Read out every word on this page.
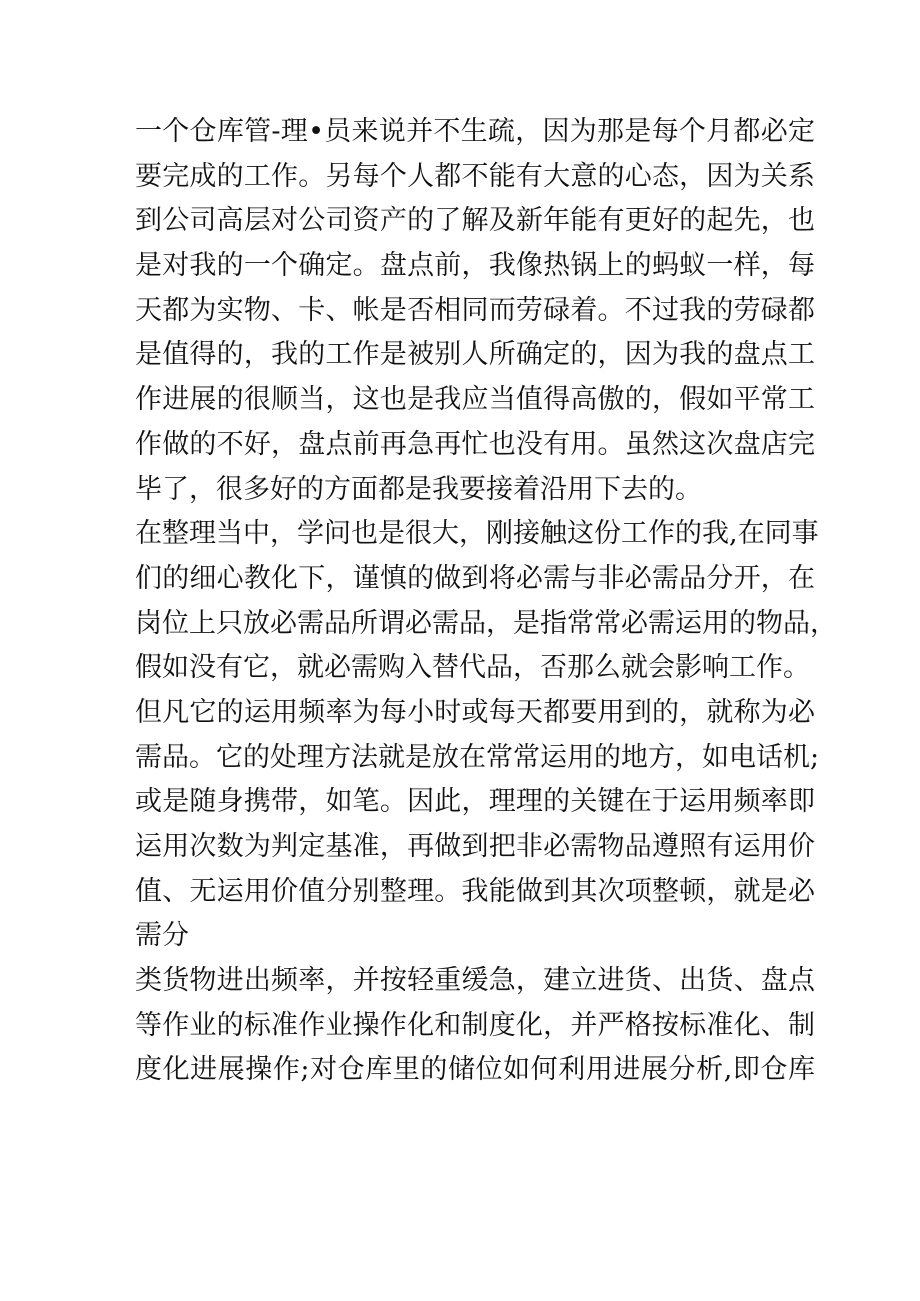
一个仓库管-理•员来说并不生疏，因为那是每个月都必定
要完成的工作。另每个人都不能有大意的心态，因为关系
到公司高层对公司资产的了解及新年能有更好的起先，也
是对我的一个确定。盘点前，我像热锅上的蚂蚁一样，每
天都为实物、卡、帐是否相同而劳碌着。不过我的劳碌都
是值得的，我的工作是被别人所确定的，因为我的盘点工
作进展的很顺当，这也是我应当值得高傲的，假如平常工
作做的不好，盘点前再急再忙也没有用。虽然这次盘店完
毕了，很多好的方面都是我要接着沿用下去的。
在整理当中，学问也是很大，刚接触这份工作的我,在同事
们的细心教化下，谨慎的做到将必需与非必需品分开，在
岗位上只放必需品所谓必需品，是指常常必需运用的物品，
假如没有它，就必需购入替代品，否那么就会影响工作。
但凡它的运用频率为每小时或每天都要用到的，就称为必
需品。它的处理方法就是放在常常运用的地方，如电话机;
或是随身携带，如笔。因此，理理的关键在于运用频率即
运用次数为判定基准，再做到把非必需物品遵照有运用价
值、无运用价值分别整理。我能做到其次项整顿，就是必
需分
类货物进出频率，并按轻重缓急，建立进货、出货、盘点
等作业的标准作业操作化和制度化，并严格按标准化、制
度化进展操作;对仓库里的储位如何利用进展分析,即仓库
